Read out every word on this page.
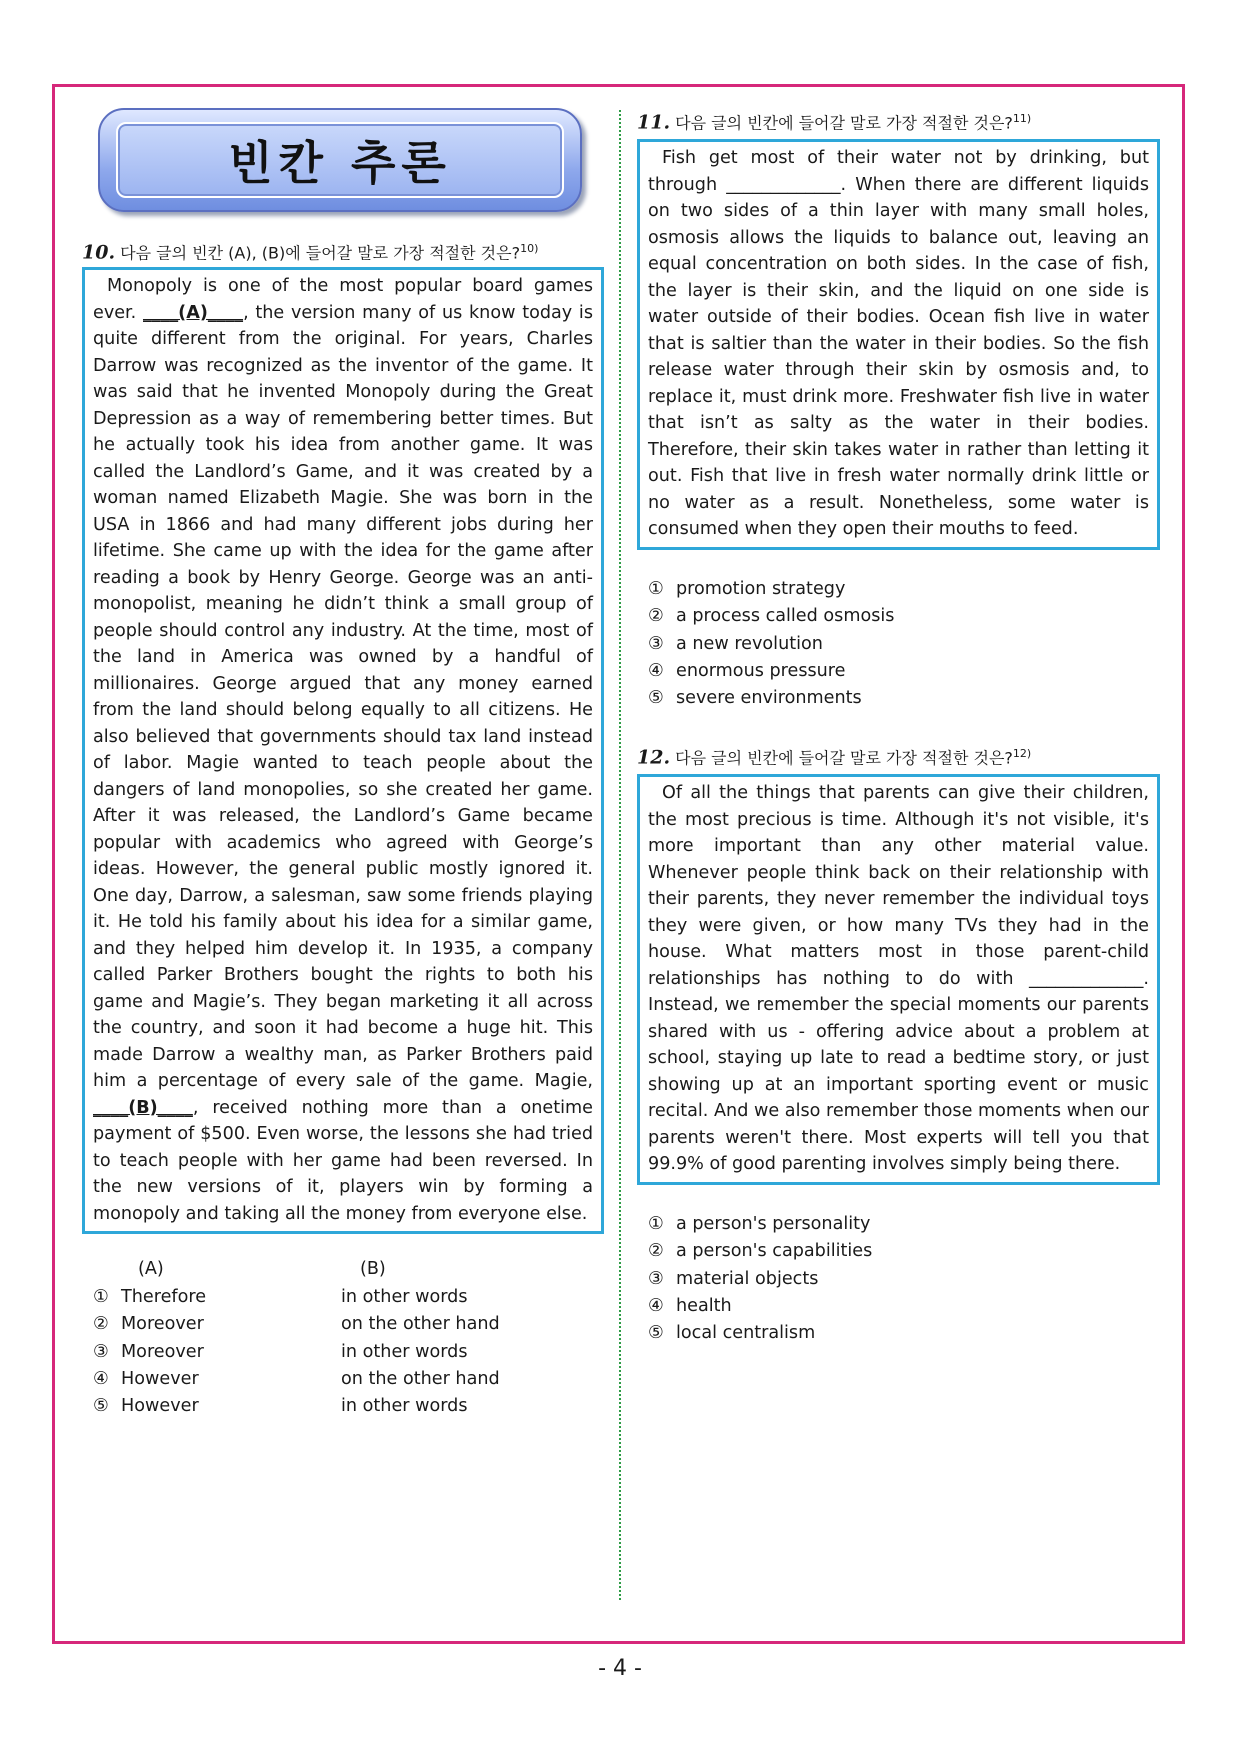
빈칸 추론
10. 다음 글의 빈칸 (A), (B)에 들어갈 말로 가장 적절한 것은?$^{10)}$

Monopoly is one of the most popular board games ever. ____(A)____, the version many of us know today is quite different from the original. For years, Charles Darrow was recognized as the inventor of the game. It was said that he invented Monopoly during the Great Depression as a way of remembering better times. But he actually took his idea from another game. It was called the Landlord’s Game, and it was created by a woman named Elizabeth Magie. She was born in the USA in 1866 and had many different jobs during her lifetime. She came up with the idea for the game after reading a book by Henry George. George was an anti-monopolist, meaning he didn’t think a small group of people should control any industry. At the time, most of the land in America was owned by a handful of millionaires. George argued that any money earned from the land should belong equally to all citizens. He also believed that governments should tax land instead of labor. Magie wanted to teach people about the dangers of land monopolies, so she created her game. After it was released, the Landlord’s Game became popular with academics who agreed with George’s ideas. However, the general public mostly ignored it. One day, Darrow, a salesman, saw some friends playing it. He told his family about his idea for a similar game, and they helped him develop it. In 1935, a company called Parker Brothers bought the rights to both his game and Magie’s. They began marketing it all across the country, and soon it had become a huge hit. This made Darrow a wealthy man, as Parker Brothers paid him a percentage of every sale of the game. Magie, ____(B)____, received nothing more than a onetime payment of $500. Even worse, the lessons she had tried to teach people with her game had been reversed. In the new versions of it, players win by forming a monopoly and taking all the money from everyone else.

(A)	(B)
① Therefore	in other words
② Moreover	on the other hand
③ Moreover	in other words
④ However	on the other hand
⑤ However	in other words
11. 다음 글의 빈칸에 들어갈 말로 가장 적절한 것은?$^{11)}$

Fish get most of their water not by drinking, but through _____________. When there are different liquids on two sides of a thin layer with many small holes, osmosis allows the liquids to balance out, leaving an equal concentration on both sides. In the case of fish, the layer is their skin, and the liquid on one side is water outside of their bodies. Ocean fish live in water that is saltier than the water in their bodies. So the fish release water through their skin by osmosis and, to replace it, must drink more. Freshwater fish live in water that isn’t as salty as the water in their bodies. Therefore, their skin takes water in rather than letting it out. Fish that live in fresh water normally drink little or no water as a result. Nonetheless, some water is consumed when they open their mouths to feed.

① promotion strategy
② a process called osmosis
③ a new revolution
④ enormous pressure
⑤ severe environments
12. 다음 글의 빈칸에 들어갈 말로 가장 적절한 것은?$^{12)}$

Of all the things that parents can give their children, the most precious is time. Although it's not visible, it's more important than any other material value. Whenever people think back on their relationship with their parents, they never remember the individual toys they were given, or how many TVs they had in the house. What matters most in those parent-child relationships has nothing to do with _____________. Instead, we remember the special moments our parents shared with us - offering advice about a problem at school, staying up late to read a bedtime story, or just showing up at an important sporting event or music recital. And we also remember those moments when our parents weren't there. Most experts will tell you that 99.9% of good parenting involves simply being there.

① a person's personality
② a person's capabilities
③ material objects
④ health
⑤ local centralism
- 4 -
